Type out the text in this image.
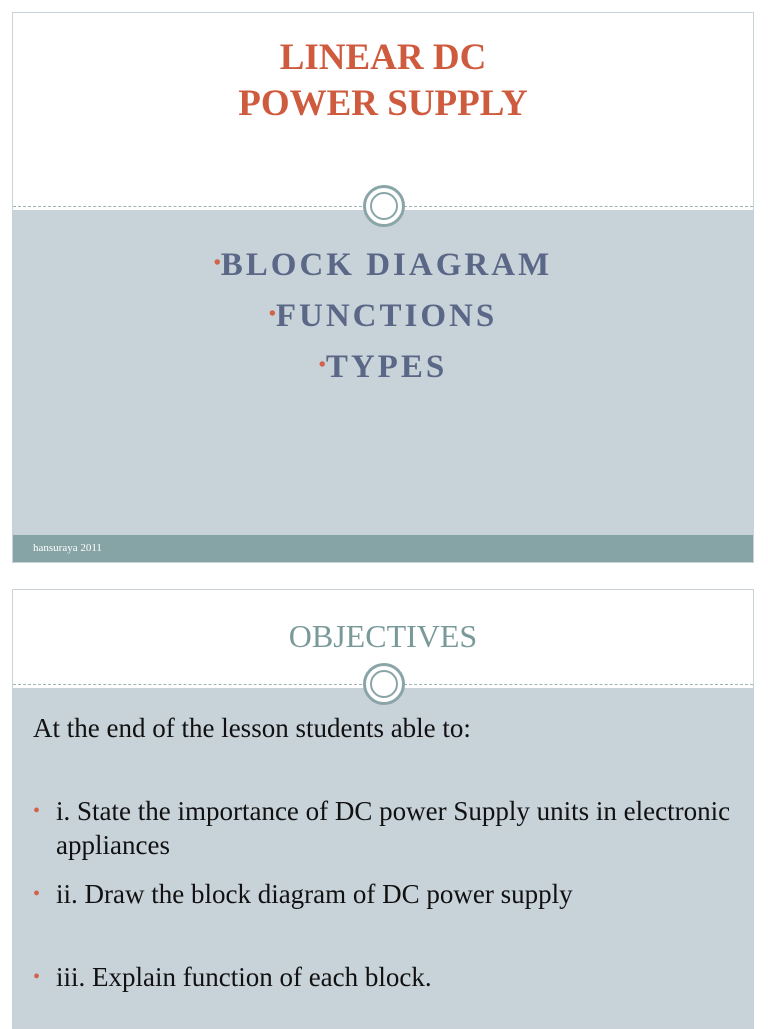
LINEAR DC
POWER SUPPLY
•BLOCK DIAGRAM
•FUNCTIONS
•TYPES
hansuraya 2011
OBJECTIVES
At the end of the lesson students able to:
• i. State the importance of DC power Supply units in electronic appliances
• ii. Draw the block diagram of DC power supply
• iii. Explain function of each block.
